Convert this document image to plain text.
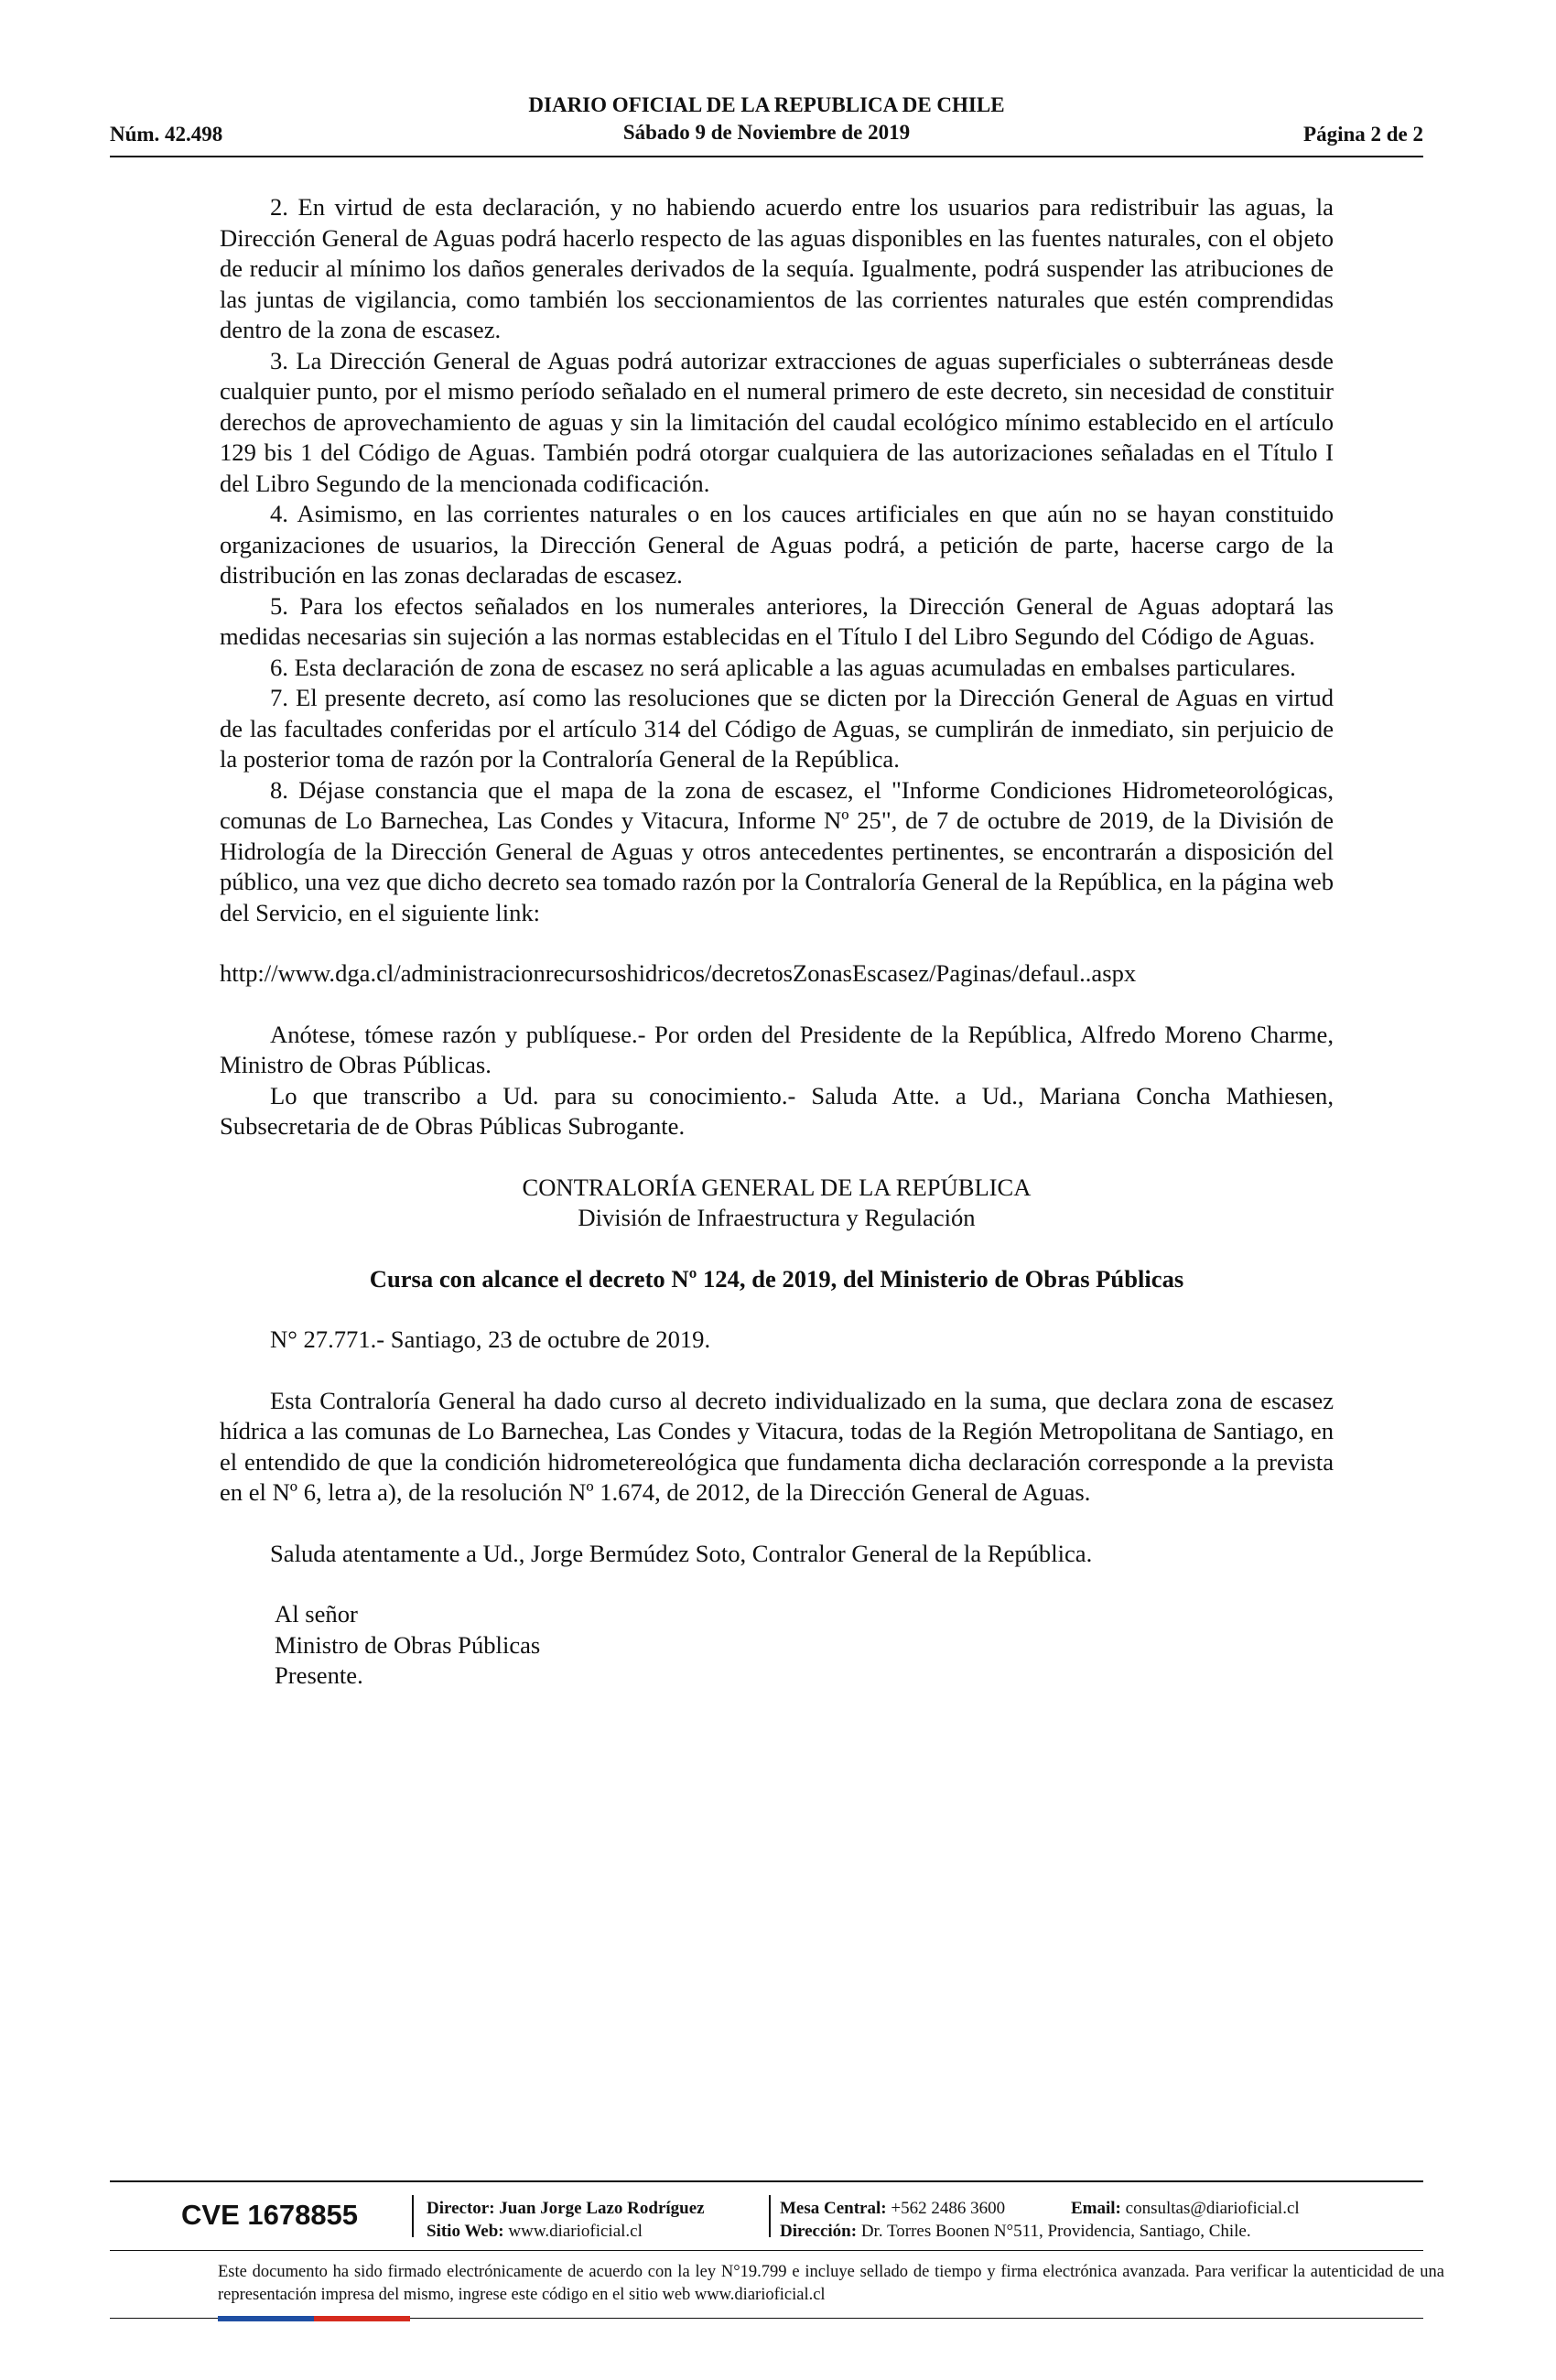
DIARIO OFICIAL DE LA REPUBLICA DE CHILE
Núm. 42.498	Sábado 9 de Noviembre de 2019	Página 2 de 2

2. En virtud de esta declaración, y no habiendo acuerdo entre los usuarios para redistribuir las aguas, la Dirección General de Aguas podrá hacerlo respecto de las aguas disponibles en las fuentes naturales, con el objeto de reducir al mínimo los daños generales derivados de la sequía. Igualmente, podrá suspender las atribuciones de las juntas de vigilancia, como también los seccionamientos de las corrientes naturales que estén comprendidas dentro de la zona de escasez.

3. La Dirección General de Aguas podrá autorizar extracciones de aguas superficiales o subterráneas desde cualquier punto, por el mismo período señalado en el numeral primero de este decreto, sin necesidad de constituir derechos de aprovechamiento de aguas y sin la limitación del caudal ecológico mínimo establecido en el artículo 129 bis 1 del Código de Aguas. También podrá otorgar cualquiera de las autorizaciones señaladas en el Título I del Libro Segundo de la mencionada codificación.

4. Asimismo, en las corrientes naturales o en los cauces artificiales en que aún no se hayan constituido organizaciones de usuarios, la Dirección General de Aguas podrá, a petición de parte, hacerse cargo de la distribución en las zonas declaradas de escasez.

5. Para los efectos señalados en los numerales anteriores, la Dirección General de Aguas adoptará las medidas necesarias sin sujeción a las normas establecidas en el Título I del Libro Segundo del Código de Aguas.

6. Esta declaración de zona de escasez no será aplicable a las aguas acumuladas en embalses particulares.

7. El presente decreto, así como las resoluciones que se dicten por la Dirección General de Aguas en virtud de las facultades conferidas por el artículo 314 del Código de Aguas, se cumplirán de inmediato, sin perjuicio de la posterior toma de razón por la Contraloría General de la República.

8. Déjase constancia que el mapa de la zona de escasez, el "Informe Condiciones Hidrometeorológicas, comunas de Lo Barnechea, Las Condes y Vitacura, Informe Nº 25", de 7 de octubre de 2019, de la División de Hidrología de la Dirección General de Aguas y otros antecedentes pertinentes, se encontrarán a disposición del público, una vez que dicho decreto sea tomado razón por la Contraloría General de la República, en la página web del Servicio, en el siguiente link:

http://www.dga.cl/administracionrecursoshidricos/decretosZonasEscasez/Paginas/defaul..aspx

Anótese, tómese razón y publíquese.- Por orden del Presidente de la República, Alfredo Moreno Charme, Ministro de Obras Públicas.

Lo que transcribo a Ud. para su conocimiento.- Saluda Atte. a Ud., Mariana Concha Mathiesen, Subsecretaria de de Obras Públicas Subrogante.

CONTRALORÍA GENERAL DE LA REPÚBLICA

División de Infraestructura y Regulación

Cursa con alcance el decreto Nº 124, de 2019, del Ministerio de Obras Públicas

N° 27.771.- Santiago, 23 de octubre de 2019.

Esta Contraloría General ha dado curso al decreto individualizado en la suma, que declara zona de escasez hídrica a las comunas de Lo Barnechea, Las Condes y Vitacura, todas de la Región Metropolitana de Santiago, en el entendido de que la condición hidrometereológica que fundamenta dicha declaración corresponde a la prevista en el Nº 6, letra a), de la resolución Nº 1.674, de 2012, de la Dirección General de Aguas.

Saluda atentamente a Ud., Jorge Bermúdez Soto, Contralor General de la República.

Al señor

Ministro de Obras Públicas

Presente.

CVE 1678855	Director: Juan Jorge Lazo Rodríguez
Sitio Web: www.diarioficial.cl
Mesa Central: +562 2486 3600
Dirección: Dr. Torres Boonen N°511, Providencia, Santiago, Chile.
Email: consultas@diarioficial.cl
Este documento ha sido firmado electrónicamente de acuerdo con la ley N°19.799 e incluye sellado de tiempo y firma electrónica avanzada. Para verificar la autenticidad de una representación impresa del mismo, ingrese este código en el sitio web www.diarioficial.cl
